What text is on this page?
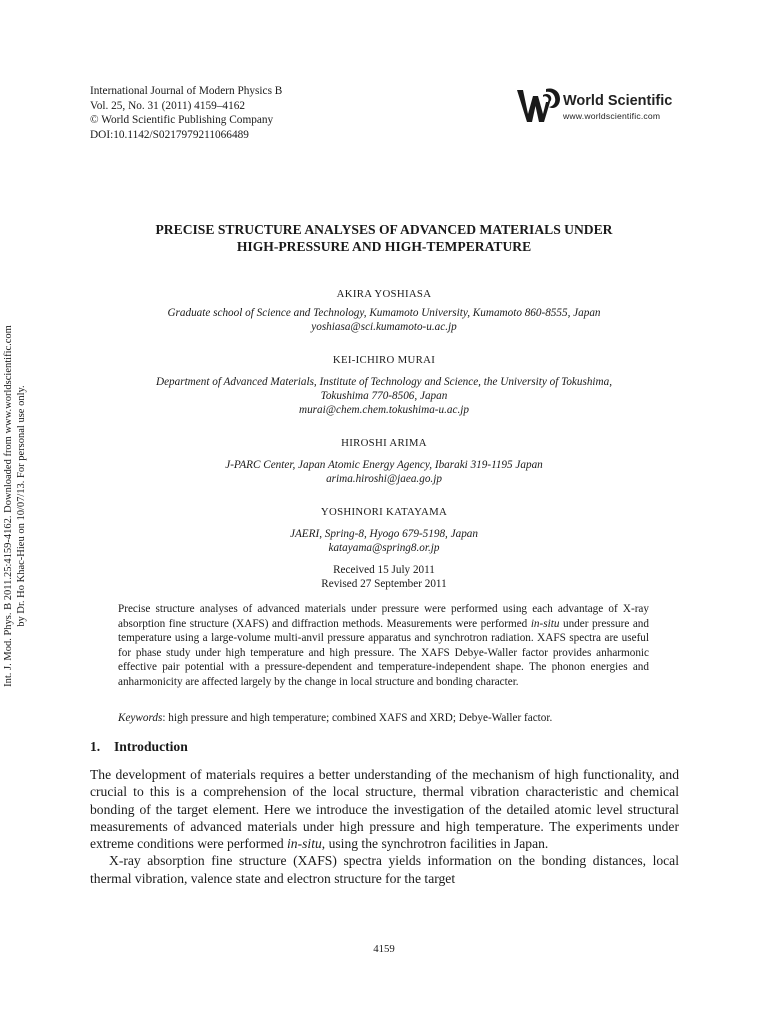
International Journal of Modern Physics B
Vol. 25, No. 31 (2011) 4159–4162
© World Scientific Publishing Company
DOI:10.1142/S0217979211066489
World Scientific
www.worldscientific.com
Int. J. Mod. Phys. B 2011.25:4159-4162. Downloaded from www.worldscientific.com by Dr. Ho Khac-Hieu on 10/07/13. For personal use only.
PRECISE STRUCTURE ANALYSES OF ADVANCED MATERIALS UNDER
HIGH-PRESSURE AND HIGH-TEMPERATURE
AKIRA YOSHIASA
Graduate school of Science and Technology, Kumamoto University, Kumamoto 860-8555, Japan
yoshiasa@sci.kumamoto-u.ac.jp
KEI-ICHIRO MURAI
Department of Advanced Materials, Institute of Technology and Science, the University of Tokushima,
Tokushima 770-8506, Japan
murai@chem.chem.tokushima-u.ac.jp
HIROSHI ARIMA
J-PARC Center, Japan Atomic Energy Agency, Ibaraki 319-1195 Japan
arima.hiroshi@jaea.go.jp
YOSHINORI KATAYAMA
JAERI, Spring-8, Hyogo 679-5198, Japan
katayama@spring8.or.jp
Received 15 July 2011
Revised 27 September 2011
Precise structure analyses of advanced materials under pressure were performed using each advantage of X-ray absorption fine structure (XAFS) and diffraction methods. Measurements were performed in-situ under pressure and temperature using a large-volume multi-anvil pressure apparatus and synchrotron radiation. XAFS spectra are useful for phase study under high temperature and high pressure. The XAFS Debye-Waller factor provides anharmonic effective pair potential with a pressure-dependent and temperature-independent shape. The phonon energies and anharmonicity are affected largely by the change in local structure and bonding character.
Keywords: high pressure and high temperature; combined XAFS and XRD; Debye-Waller factor.
1. Introduction

The development of materials requires a better understanding of the mechanism of high functionality, and crucial to this is a comprehension of the local structure, thermal vibration characteristic and chemical bonding of the target element. Here we introduce the investigation of the detailed atomic level structural measurements of advanced materials under high pressure and high temperature. The experiments under extreme conditions were performed in-situ, using the synchrotron facilities in Japan.

X-ray absorption fine structure (XAFS) spectra yields information on the bonding distances, local thermal vibration, valence state and electron structure for the target

4159
